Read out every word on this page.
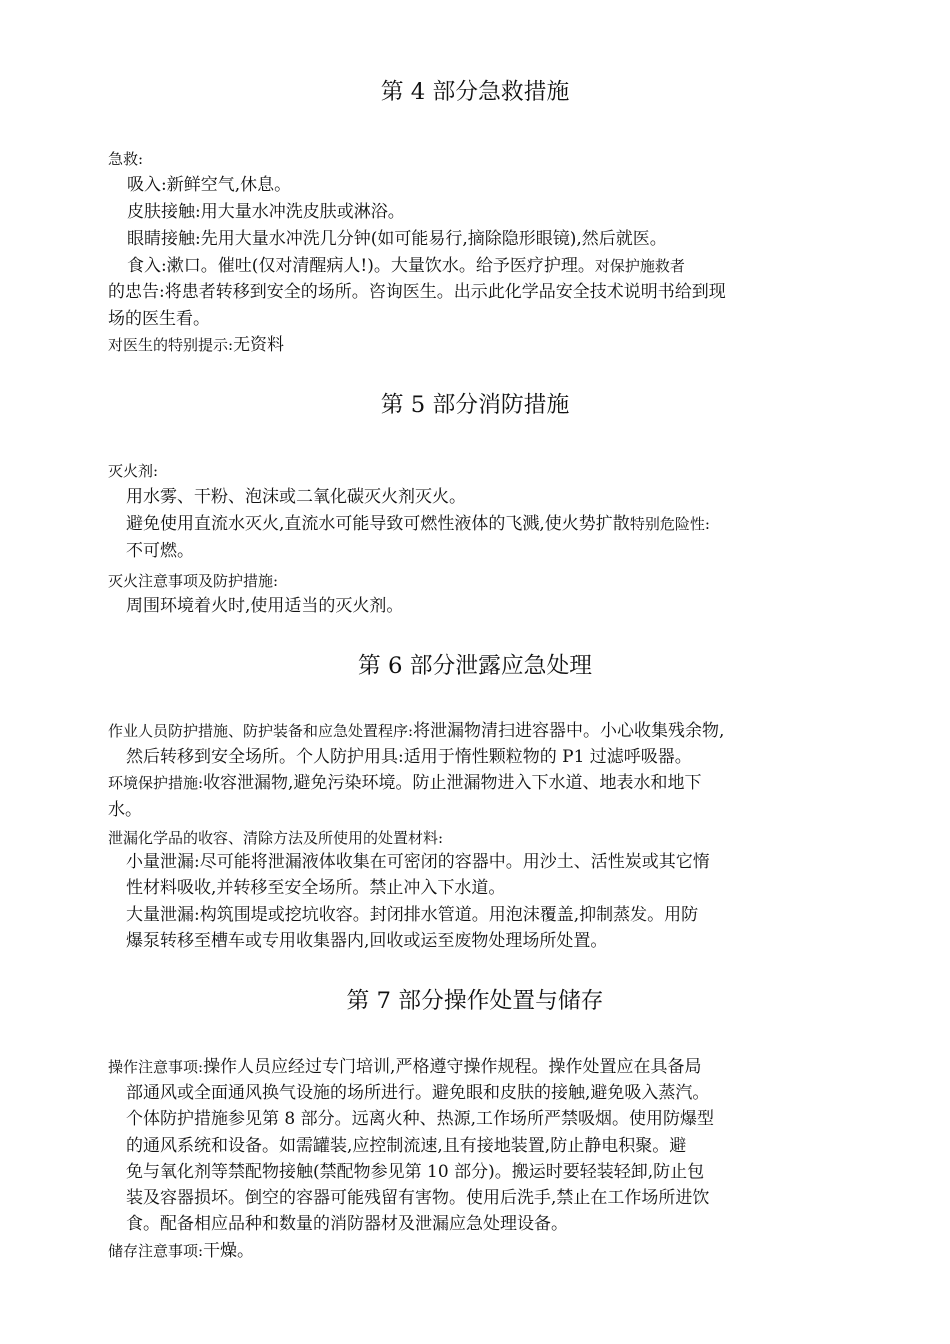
第 4 部分急救措施
急救:
吸入:新鲜空气,休息。
皮肤接触:用大量水冲洗皮肤或淋浴。
眼睛接触:先用大量水冲洗几分钟(如可能易行,摘除隐形眼镜),然后就医。
食入:漱口。催吐(仅对清醒病人!)。大量饮水。给予医疗护理。对保护施救者
的忠告:将患者转移到安全的场所。咨询医生。出示此化学品安全技术说明书给到现
场的医生看。
对医生的特别提示:无资料
第 5 部分消防措施
灭火剂:
用水雾、干粉、泡沫或二氧化碳灭火剂灭火。
避免使用直流水灭火,直流水可能导致可燃性液体的飞溅,使火势扩散特别危险性:
不可燃。
灭火注意事项及防护措施:
周围环境着火时,使用适当的灭火剂。
第 6 部分泄露应急处理
作业人员防护措施、防护装备和应急处置程序:将泄漏物清扫进容器中。小心收集残余物,
然后转移到安全场所。个人防护用具:适用于惰性颗粒物的 P1 过滤呼吸器。
环境保护措施:收容泄漏物,避免污染环境。防止泄漏物进入下水道、地表水和地下
水。
泄漏化学品的收容、清除方法及所使用的处置材料:
小量泄漏:尽可能将泄漏液体收集在可密闭的容器中。用沙土、活性炭或其它惰
性材料吸收,并转移至安全场所。禁止冲入下水道。
大量泄漏:构筑围堤或挖坑收容。封闭排水管道。用泡沫覆盖,抑制蒸发。用防
爆泵转移至槽车或专用收集器内,回收或运至废物处理场所处置。
第 7 部分操作处置与储存
操作注意事项:操作人员应经过专门培训,严格遵守操作规程。操作处置应在具备局
部通风或全面通风换气设施的场所进行。避免眼和皮肤的接触,避免吸入蒸汽。
个体防护措施参见第 8 部分。远离火种、热源,工作场所严禁吸烟。使用防爆型
的通风系统和设备。如需罐装,应控制流速,且有接地装置,防止静电积聚。避
免与氧化剂等禁配物接触(禁配物参见第 10 部分)。搬运时要轻装轻卸,防止包
装及容器损坏。倒空的容器可能残留有害物。使用后洗手,禁止在工作场所进饮
食。配备相应品种和数量的消防器材及泄漏应急处理设备。
储存注意事项:干燥。
